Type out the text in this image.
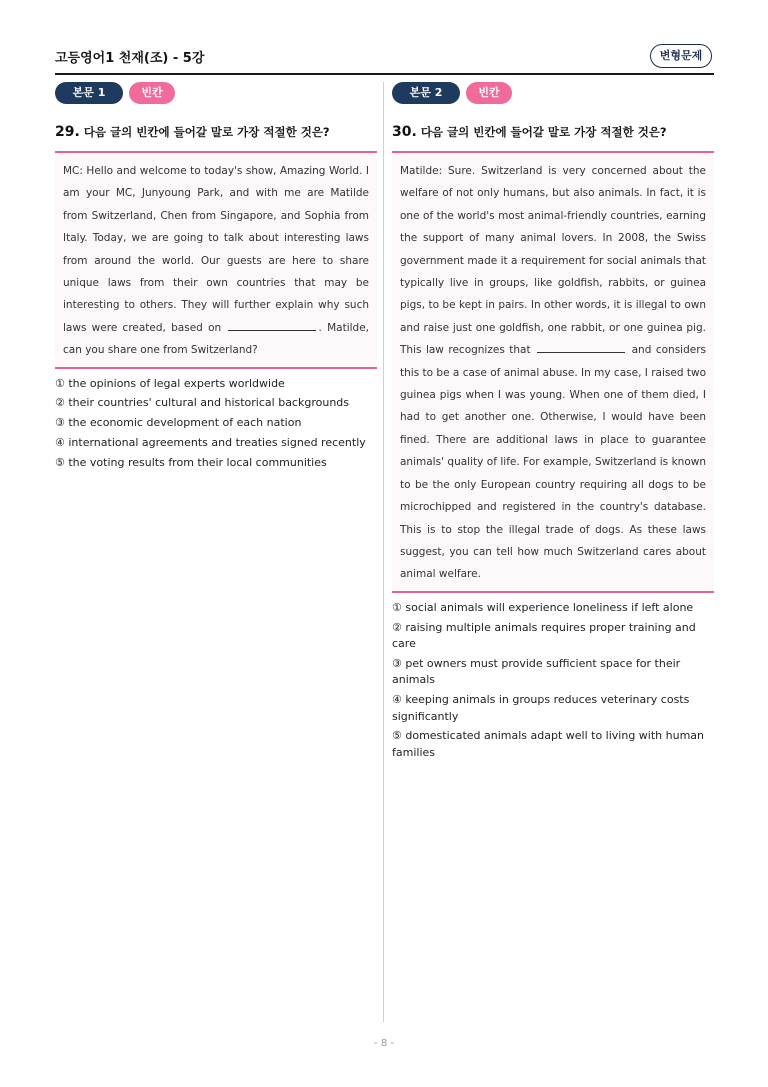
고등영어1 천재(조) - 5강	변형문제
본문 1	빈칸
29. 다음 글의 빈칸에 들어갈 말로 가장 적절한 것은?
MC: Hello and welcome to today's show, Amazing World. I am your MC, Junyoung Park, and with me are Matilde from Switzerland, Chen from Singapore, and Sophia from Italy. Today, we are going to talk about interesting laws from around the world. Our guests are here to share unique laws from their own countries that may be interesting to others. They will further explain why such laws were created, based on	. Matilde, can you share one from Switzerland?
① the opinions of legal experts worldwide
② their countries' cultural and historical backgrounds
③ the economic development of each nation
④ international agreements and treaties signed recently
⑤ the voting results from their local communities
본문 2	빈칸
30. 다음 글의 빈칸에 들어갈 말로 가장 적절한 것은?
Matilde: Sure. Switzerland is very concerned about the welfare of not only humans, but also animals. In fact, it is one of the world's most animal-friendly countries, earning the support of many animal lovers. In 2008, the Swiss government made it a requirement for social animals that typically live in groups, like goldfish, rabbits, or guinea pigs, to be kept in pairs. In other words, it is illegal to own and raise just one goldfish, one rabbit, or one guinea pig. This law recognizes that	and considers this to be a case of animal abuse. In my case, I raised two guinea pigs when I was young. When one of them died, I had to get another one. Otherwise, I would have been fined. There are additional laws in place to guarantee animals' quality of life. For example, Switzerland is known to be the only European country requiring all dogs to be microchipped and registered in the country's database. This is to stop the illegal trade of dogs. As these laws suggest, you can tell how much Switzerland cares about animal welfare.
① social animals will experience loneliness if left alone
② raising multiple animals requires proper training and care
③ pet owners must provide sufficient space for their animals
④ keeping animals in groups reduces veterinary costs significantly
⑤ domesticated animals adapt well to living with human families
- 8 -
